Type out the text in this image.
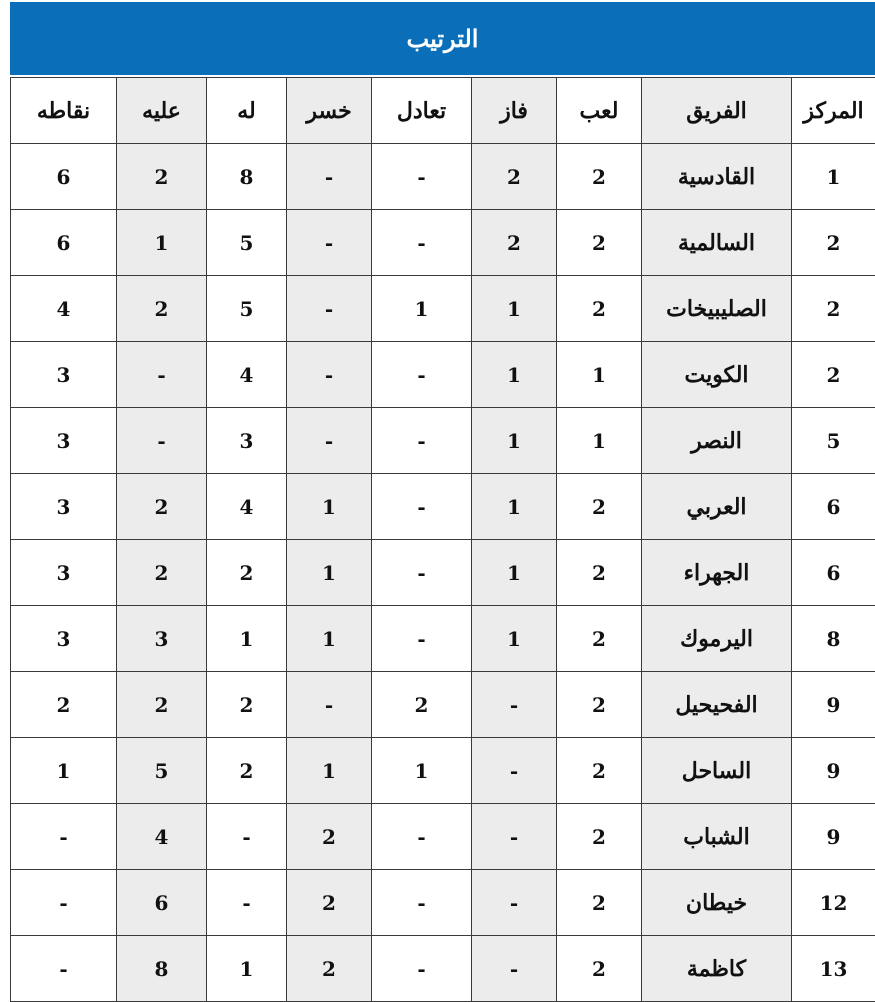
الترتيب
المركز	الفريق	لعب	فاز	تعادل	خسر	له	عليه	نقاطه
1	القادسية	2	2	-	-	8	2	6
2	السالمية	2	2	-	-	5	1	6
2	الصليبيخات	2	1	1	-	5	2	4
2	الكويت	1	1	-	-	4	-	3
5	النصر	1	1	-	-	3	-	3
6	العربي	2	1	-	1	4	2	3
6	الجهراء	2	1	-	1	2	2	3
8	اليرموك	2	1	-	1	1	3	3
9	الفحيحيل	2	-	2	-	2	2	2
9	الساحل	2	-	1	1	2	5	1
9	الشباب	2	-	-	2	-	4	-
12	خيطان	2	-	-	2	-	6	-
13	كاظمة	2	-	-	2	1	8	-
